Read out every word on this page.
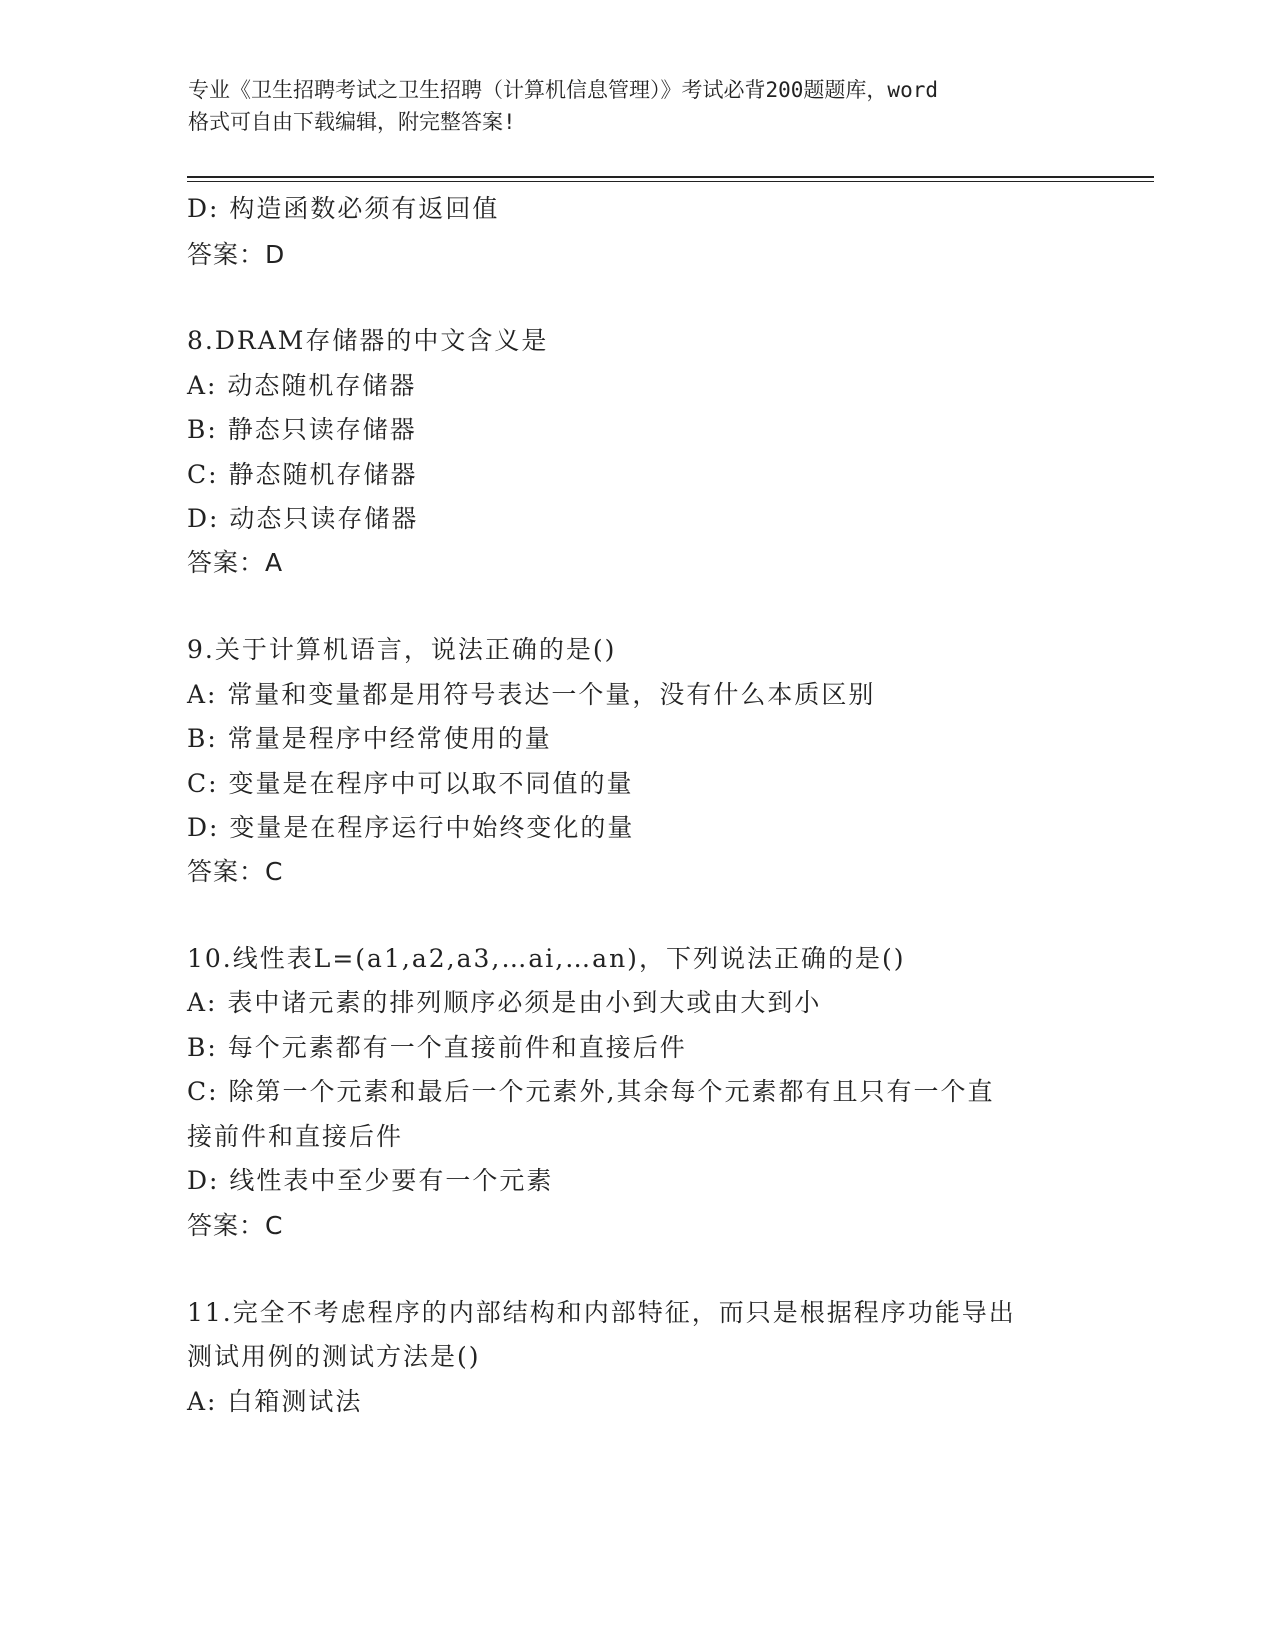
专业《卫生招聘考试之卫生招聘（计算机信息管理）》考试必背200题题库，word
格式可自由下载编辑，附完整答案!
D: 构造函数必须有返回值
答案：D
8.DRAM存储器的中文含义是
A: 动态随机存储器
B: 静态只读存储器
C: 静态随机存储器
D: 动态只读存储器
答案：A
9.关于计算机语言，说法正确的是()
A: 常量和变量都是用符号表达一个量，没有什么本质区别
B: 常量是程序中经常使用的量
C: 变量是在程序中可以取不同值的量
D: 变量是在程序运行中始终变化的量
答案：C
10.线性表L=(a1,a2,a3,…ai,…an)，下列说法正确的是()
A: 表中诸元素的排列顺序必须是由小到大或由大到小
B: 每个元素都有一个直接前件和直接后件
C: 除第一个元素和最后一个元素外,其余每个元素都有且只有一个直
接前件和直接后件
D: 线性表中至少要有一个元素
答案：C
11.完全不考虑程序的内部结构和内部特征，而只是根据程序功能导出
测试用例的测试方法是()
A: 白箱测试法
